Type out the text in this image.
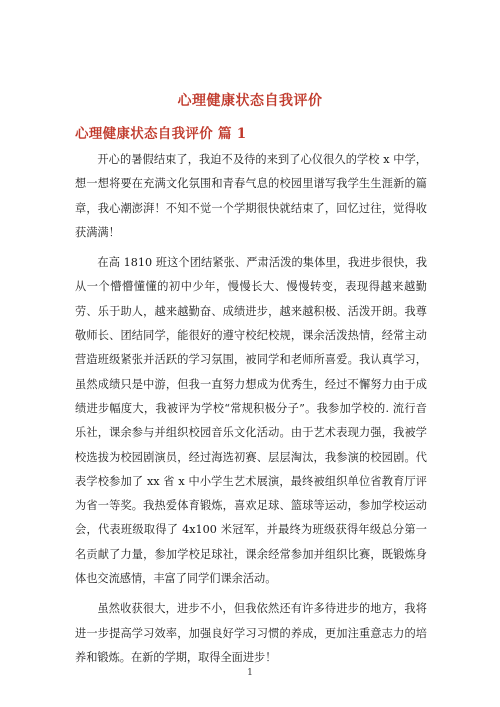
心理健康状态自我评价
心理健康状态自我评价 篇 1

开心的暑假结束了，我迫不及待的来到了心仪很久的学校 x 中学，想一想将要在充满文化氛围和青春气息的校园里谱写我学生生涯新的篇章，我心潮澎湃！不知不觉一个学期很快就结束了，回忆过往，觉得收获满满！

在高 1810 班这个团结紧张、严肃活泼的集体里，我进步很快，我从一个懵懵懂懂的初中少年，慢慢长大、慢慢转变，表现得越来越勤劳、乐于助人，越来越勤奋、成绩进步，越来越积极、活泼开朗。我尊敬师长、团结同学，能很好的遵守校纪校规，课余活泼热情，经常主动营造班级紧张并活跃的学习氛围，被同学和老师所喜爱。我认真学习，虽然成绩只是中游，但我一直努力想成为优秀生，经过不懈努力由于成绩进步幅度大，我被评为学校“常规积极分子”。我参加学校的. 流行音乐社，课余参与并组织校园音乐文化活动。由于艺术表现力强，我被学校选拔为校园剧演员，经过海选初赛、层层淘汰，我参演的校园剧。代表学校参加了 xx 省 x 中小学生艺术展演，最终被组织单位省教育厅评为省一等奖。我热爱体育锻炼，喜欢足球、篮球等运动，参加学校运动会，代表班级取得了 4x100 米冠军，并最终为班级获得年级总分第一名贡献了力量，参加学校足球社，课余经常参加并组织比赛，既锻炼身体也交流感情，丰富了同学们课余活动。

虽然收获很大，进步不小，但我依然还有许多待进步的地方，我将进一步提高学习效率，加强良好学习习惯的养成，更加注重意志力的培养和锻炼。在新的学期，取得全面进步！

1
